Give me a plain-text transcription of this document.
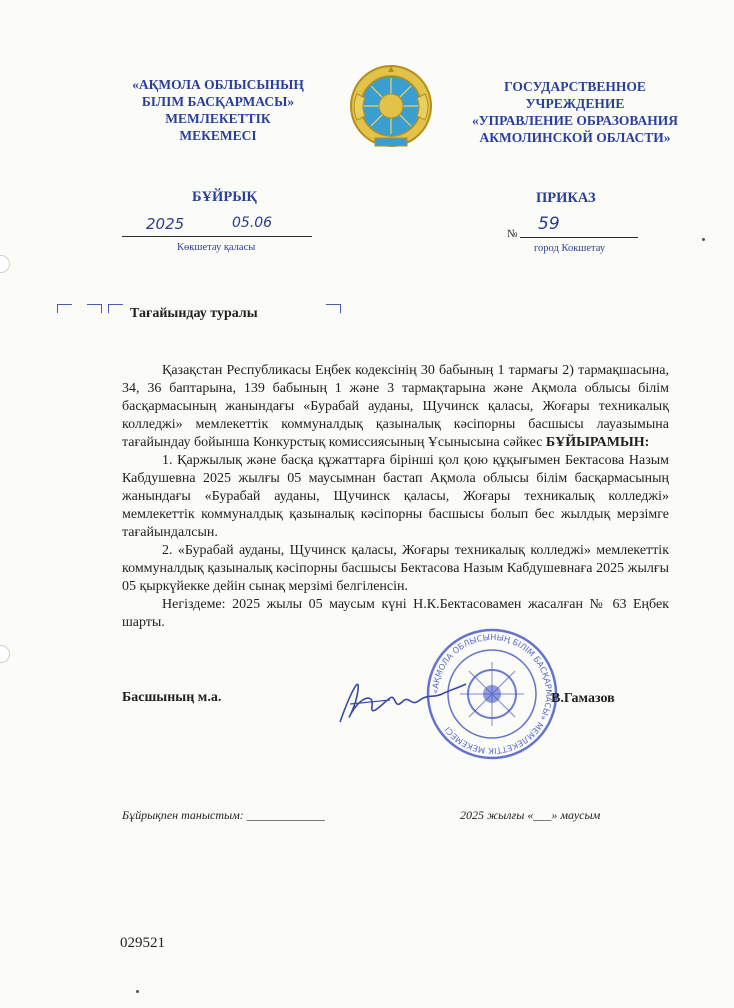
«АҚМОЛА ОБЛЫСЫНЫҢ
БІЛІМ БАСҚАРМАСЫ»
МЕМЛЕКЕТТІК
МЕКЕМЕСІ
ГОСУДАРСТВЕННОЕ
УЧРЕЖДЕНИЕ
«УПРАВЛЕНИЕ ОБРАЗОВАНИЯ
АКМОЛИНСКОЙ ОБЛАСТИ»
БҰЙРЫҚ	ПРИКАЗ
2025	05.06
Көкшетау қаласы
№ 59
город Кокшетау
Тағайындау туралы

Қазақстан Республикасы Еңбек кодексінің 30 бабының 1 тармағы 2) тармақшасына, 34, 36 баптарына, 139 бабының 1 және 3 тармақтарына және Ақмола облысы білім басқармасының жанындағы «Бурабай ауданы, Щучинск қаласы, Жоғары техникалық колледжі» мемлекеттік коммуналдық қазыналық кәсіпорны басшысы лауазымына тағайындау бойынша Конкурстық комиссиясының Ұсынысына сәйкес БҰЙЫРАМЫН:

1. Қаржылық және басқа құжаттарға бірінші қол қою құқығымен Бектасова Назым Кабдушевна 2025 жылғы 05 маусымнан бастап Ақмола облысы білім басқармасының жанындағы «Бурабай ауданы, Щучинск қаласы, Жоғары техникалық колледжі» мемлекеттік коммуналдық қазыналық кәсіпорны басшысы болып бес жылдық мерзімге тағайындалсын.

2. «Бурабай ауданы, Щучинск қаласы, Жоғары техникалық колледжі» мемлекеттік коммуналдық қазыналық кәсіпорны басшысы Бектасова Назым Кабдушевнаға 2025 жылғы 05 қыркүйекке дейін сынақ мерзімі белгіленсін.

Негіздеме: 2025 жылы 05 маусым күні Н.К.Бектасовамен жасалған № 63 Еңбек шарты.

«АҚМОЛА ОБЛЫСЫНЫҢ БІЛІМ БАСҚАРМАСЫ» МЕМЛЕКЕТТІК МЕКЕМЕСІ
Басшының м.а.	В.Гамазов
Бұйрықпен таныстым: _____________	2025 жылғы «___» маусым
029521
